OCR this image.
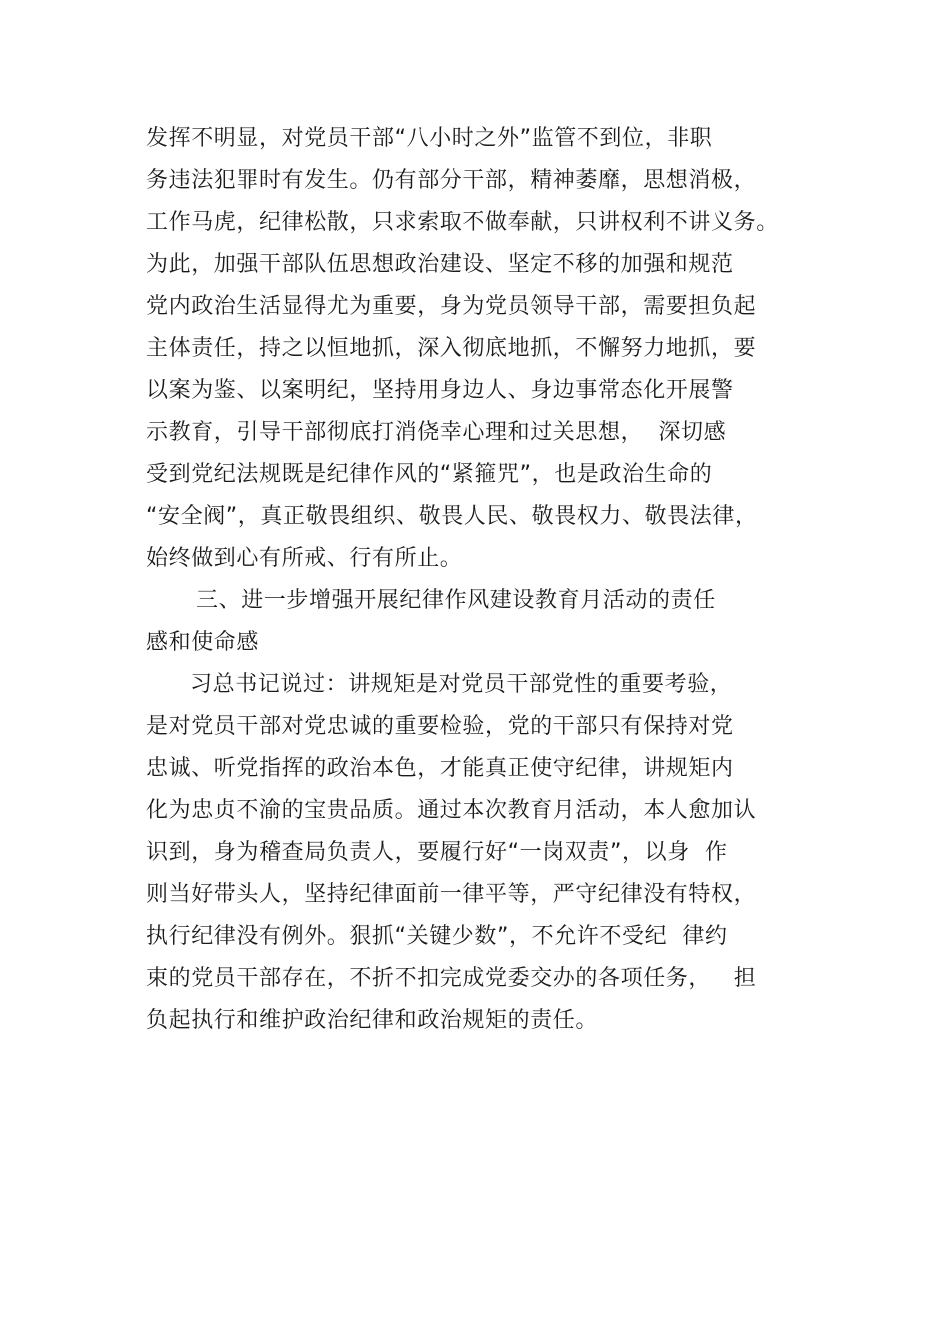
发挥不明显，对党员干部“八小时之外”监管不到位，非职
务违法犯罪时有发生。仍有部分干部，精神萎靡，思想消极，
工作马虎，纪律松散，只求索取不做奉献，只讲权利不讲义务。
为此，加强干部队伍思想政治建设、坚定不移的加强和规范
党内政治生活显得尤为重要，身为党员领导干部，需要担负起
主体责任，持之以恒地抓，深入彻底地抓，不懈努力地抓，要
以案为鉴、以案明纪，坚持用身边人、身边事常态化开展警
示教育，引导干部彻底打消侥幸心理和过关思想，  深切感
受到党纪法规既是纪律作风的“紧箍咒”，也是政治生命的
“安全阀”，真正敬畏组织、敬畏人民、敬畏权力、敬畏法律，
始终做到心有所戒、行有所止。
三、进一步增强开展纪律作风建设教育月活动的责任
感和使命感
习总书记说过：讲规矩是对党员干部党性的重要考验，
是对党员干部对党忠诚的重要检验，党的干部只有保持对党
忠诚、听党指挥的政治本色，才能真正使守纪律，讲规矩内
化为忠贞不渝的宝贵品质。通过本次教育月活动，本人愈加认
识到，身为稽查局负责人，要履行好“一岗双责”，以身  作
则当好带头人，坚持纪律面前一律平等，严守纪律没有特权，
执行纪律没有例外。狠抓“关键少数”，不允许不受纪  律约
束的党员干部存在，不折不扣完成党委交办的各项任务，   担
负起执行和维护政治纪律和政治规矩的责任。
